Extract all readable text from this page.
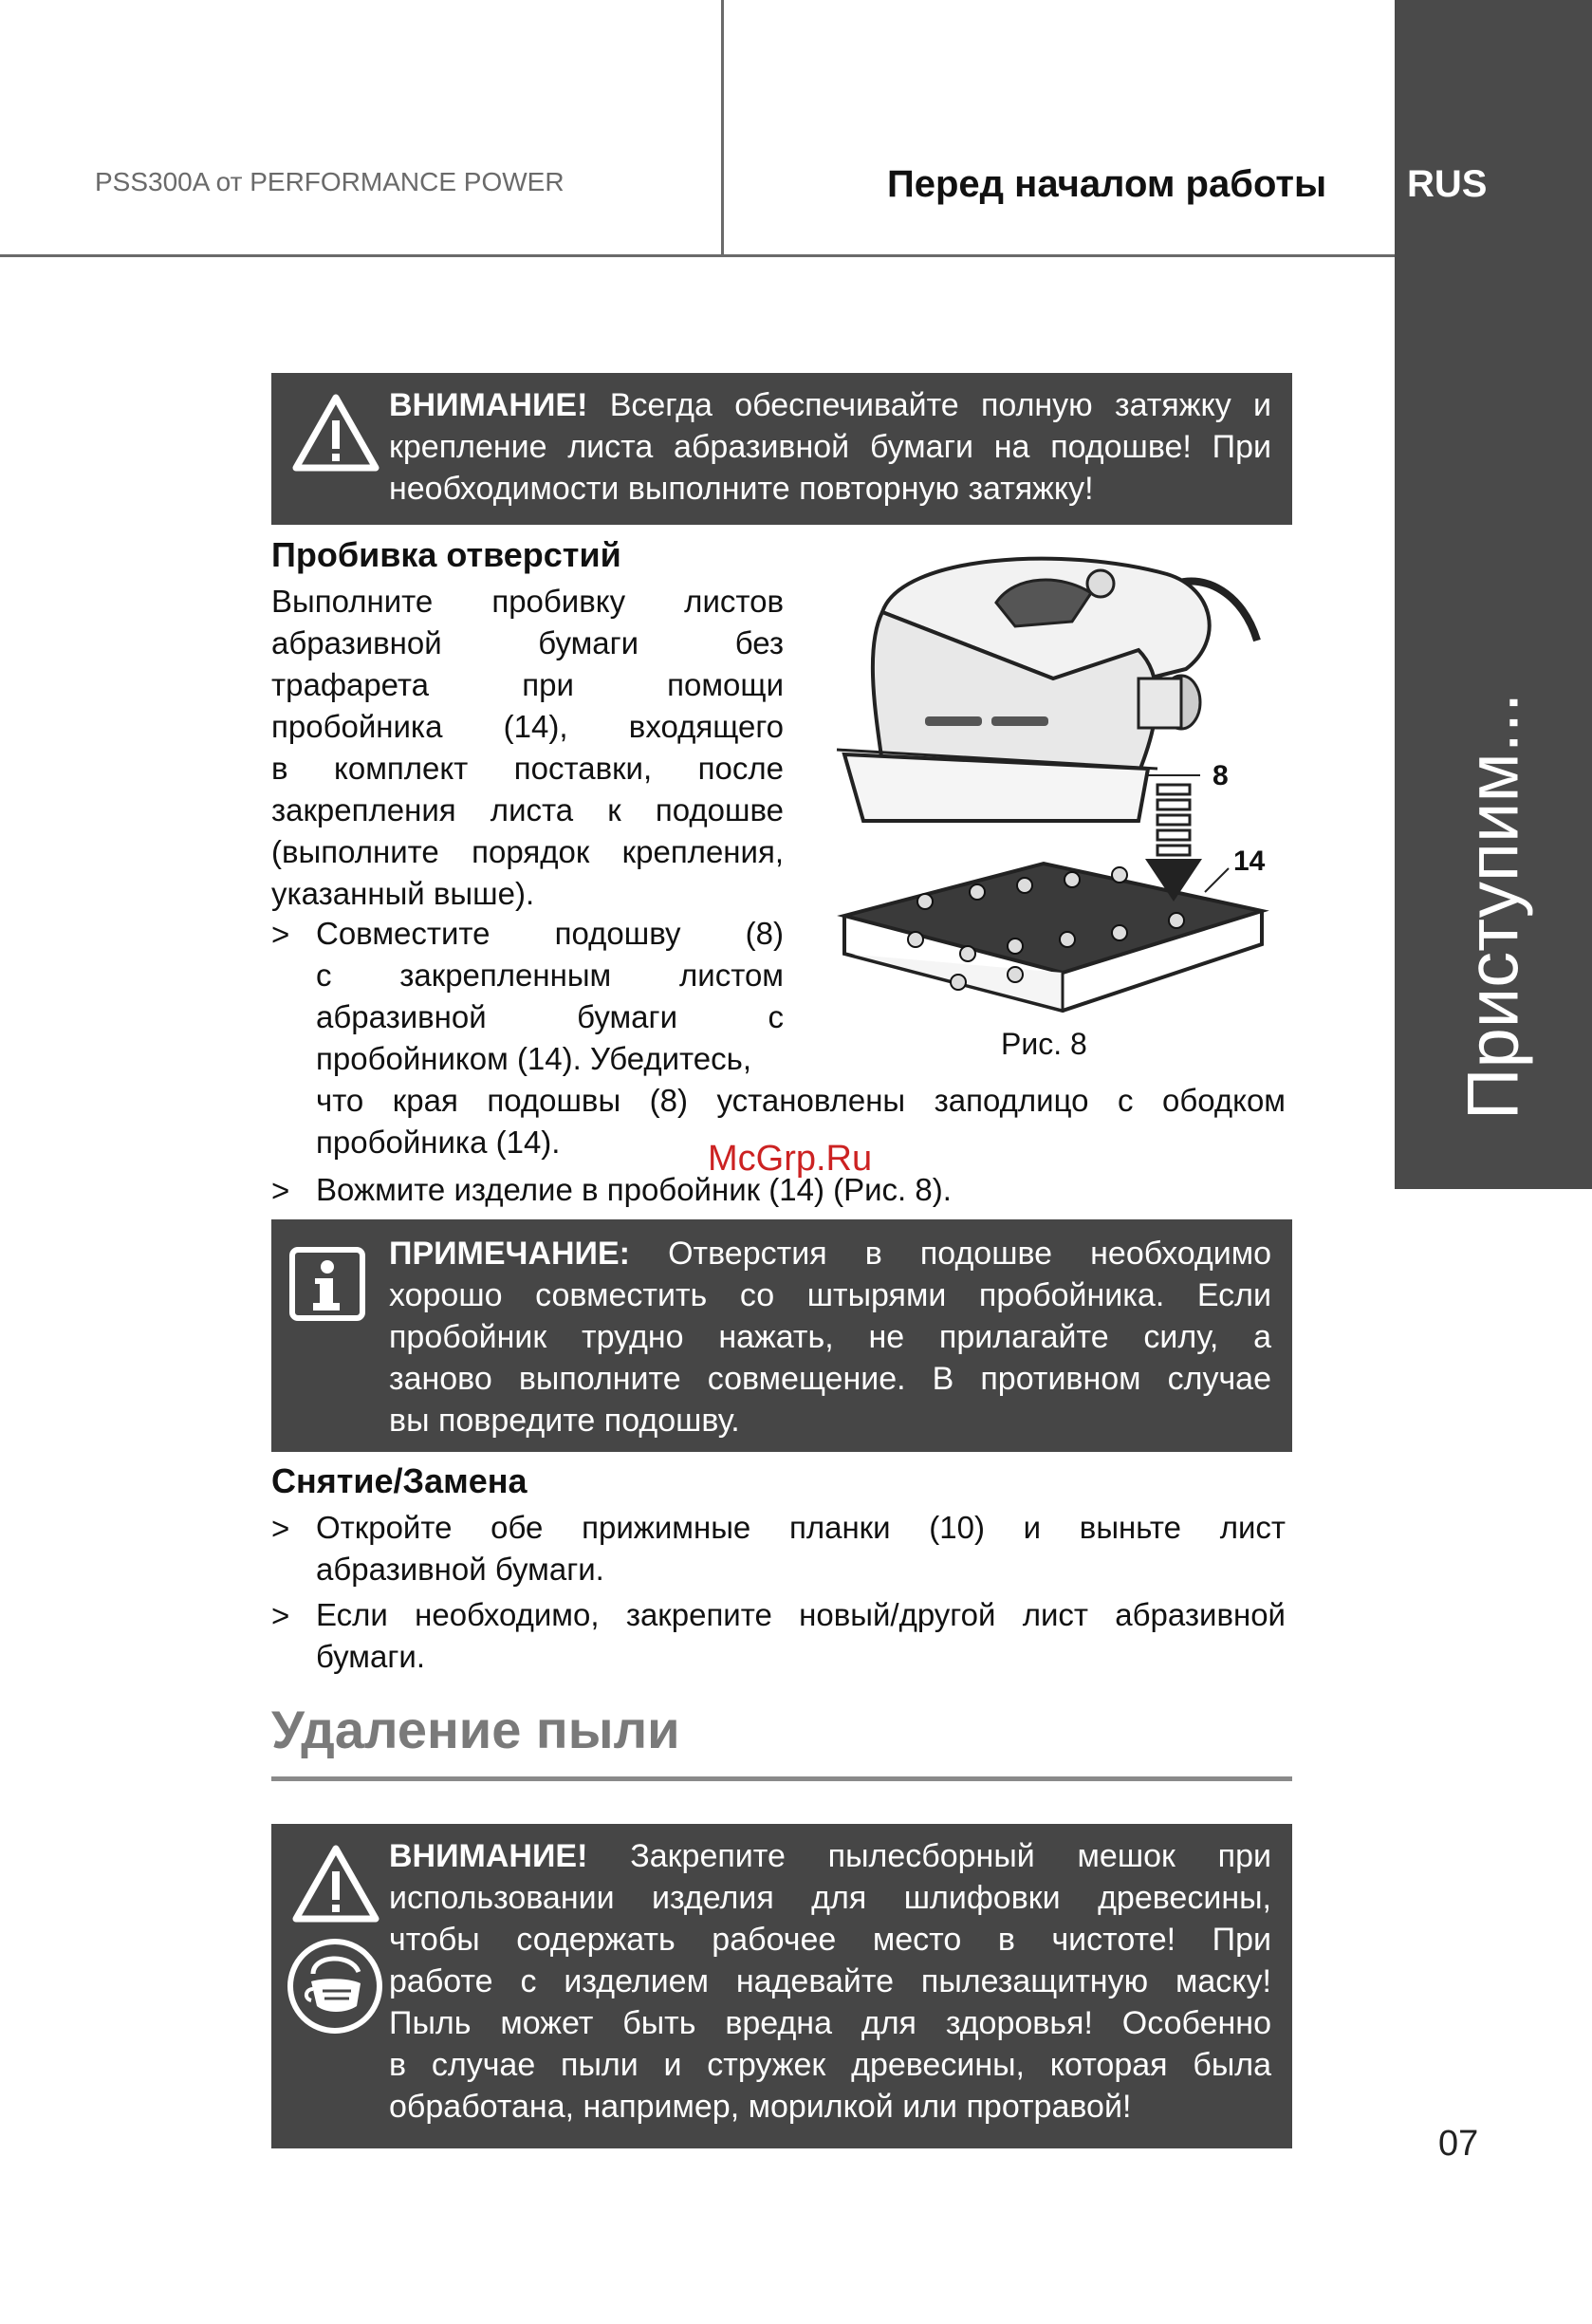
PSS300A от PERFORMANCE POWER	Перед началом работы RUS
Приступим...
ВНИМАНИЕ! Всегда обеспечивайте полную затяжку и
крепление листа абразивной бумаги на подошве! При
необходимости выполните повторную затяжку!
Пробивка отверстий
Выполните пробивку листов
абразивной бумаги без
трафарета при помощи
пробойника (14), входящего
в комплект поставки, после
закрепления листа к подошве
(выполните порядок крепления,
указанный выше).
> Совместите подошву (8)
с закрепленным листом
абразивной бумаги с
пробойником (14). Убедитесь,
что края подошвы (8) установлены заподлицо с ободком
пробойника (14).
> Вожмите изделие в пробойник (14) (Рис. 8).
8
14
Рис. 8
McGrp.Ru
ПРИМЕЧАНИЕ: Отверстия в подошве необходимо
хорошо совместить со штырями пробойника. Если
пробойник трудно нажать, не прилагайте силу, а
заново выполните совмещение. В противном случае
вы повредите подошву.
Снятие/Замена
> Откройте обе прижимные планки (10) и выньте лист
абразивной бумаги.
> Если необходимо, закрепите новый/другой лист абразивной
бумаги.
Удаление пыли
ВНИМАНИЕ! Закрепите пылесборный мешок при
использовании изделия для шлифовки древесины,
чтобы содержать рабочее место в чистоте! При
работе с изделием надевайте пылезащитную маску!
Пыль может быть вредна для здоровья! Особенно
в случае пыли и стружек древесины, которая была
обработана, например, морилкой или протравой!
07
